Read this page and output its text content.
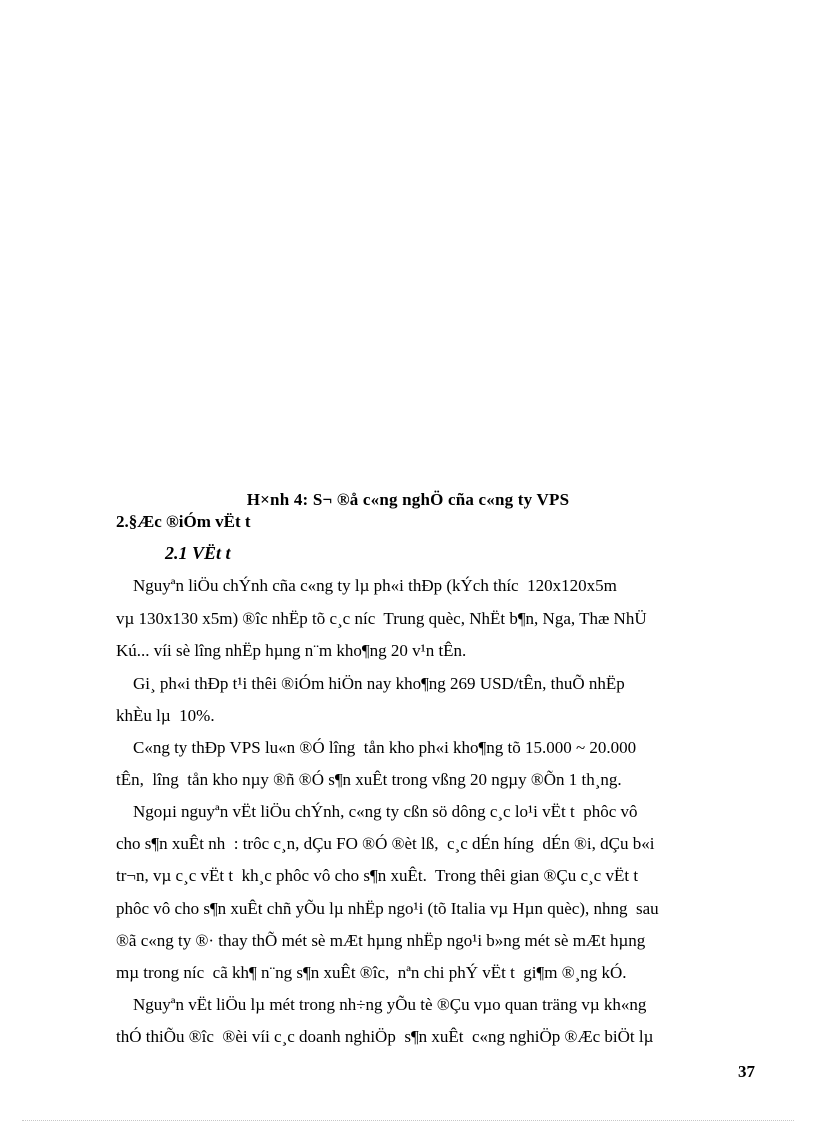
H×nh 4: S¬ ®å c«ng nghÖ cña c«ng ty VPS
2.§Æc ®iÓm vËt t
2.1 VËt t
Nguyªn liÖu chÝnh cña c«ng ty lµ ph«i thÐp (kÝch thíc  120x120x5m
vµ 130x130 x5m) ®îc nhËp tõ c¸c níc  Trung quèc, NhËt b¶n, Nga, Thæ NhÜ
Kú... víi sè lîng nhËp hµng n¨m kho¶ng 20 v¹n tÊn.
Gi¸ ph«i thÐp t¹i thêi ®iÓm hiÖn nay kho¶ng 269 USD/tÊn, thuÕ nhËp
khÈu lµ  10%.
C«ng ty thÐp VPS lu«n ®Ó lîng  tån kho ph«i kho¶ng tõ 15.000 ~ 20.000
tÊn,  lîng  tån kho nµy ®ñ ®Ó s¶n xuÊt trong vßng 20 ngµy ®Õn 1 th¸ng.
Ngoµi nguyªn vËt liÖu chÝnh, c«ng ty cßn sö dông c¸c lo¹i vËt t  phôc vô
cho s¶n xuÊt nh  : trôc c¸n, dÇu FO ®Ó ®èt lß,  c¸c dÉn híng  dÉn ®i, dÇu b«i
tr¬n, vµ c¸c vËt t  kh¸c phôc vô cho s¶n xuÊt.  Trong thêi gian ®Çu c¸c vËt t
phôc vô cho s¶n xuÊt chñ yÕu lµ nhËp ngo¹i (tõ Italia vµ Hµn quèc), nhng  sau
®ã c«ng ty ®· thay thÕ mét sè mÆt hµng nhËp ngo¹i b»ng mét sè mÆt hµng
mµ trong níc  cã kh¶ n¨ng s¶n xuÊt ®îc,  nªn chi phÝ vËt t  gi¶m ®¸ng kÓ.
Nguyªn vËt liÖu lµ mét trong nh÷ng yÕu tè ®Çu vµo quan träng vµ kh«ng
thÓ thiÕu ®îc  ®èi víi c¸c doanh nghiÖp  s¶n xuÊt  c«ng nghiÖp ®Æc biÖt lµ
37
